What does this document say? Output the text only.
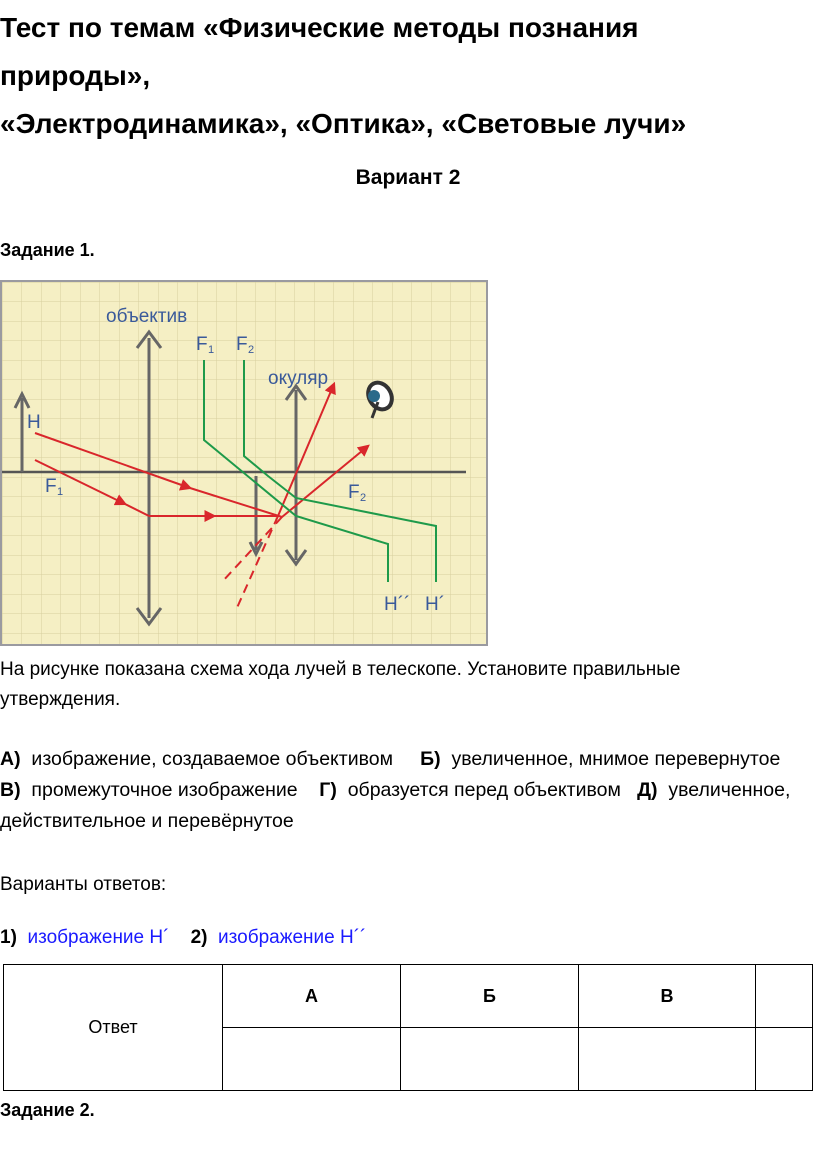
Тест по темам «Физические методы познания
природы»,
«Электродинамика», «Оптика», «Световые лучи»

Вариант 2

Задание 1.

объектив
окуляр
F 1 F 2
H
F 1	F 2
H´´ H´

На рисунке показана схема хода лучей в телескопе. Установите правильные
утверждения.

А) изображение, создаваемое объективом Б) увеличенное, мнимое перевернутое   В) промежуточное изображение Г) образуется перед объективом Д) увеличенное, действительное и перевёрнутое

Варианты ответов:

1) изображение H´ 2) изображение H´´

Ответ	А	Б	В	

Задание 2.
